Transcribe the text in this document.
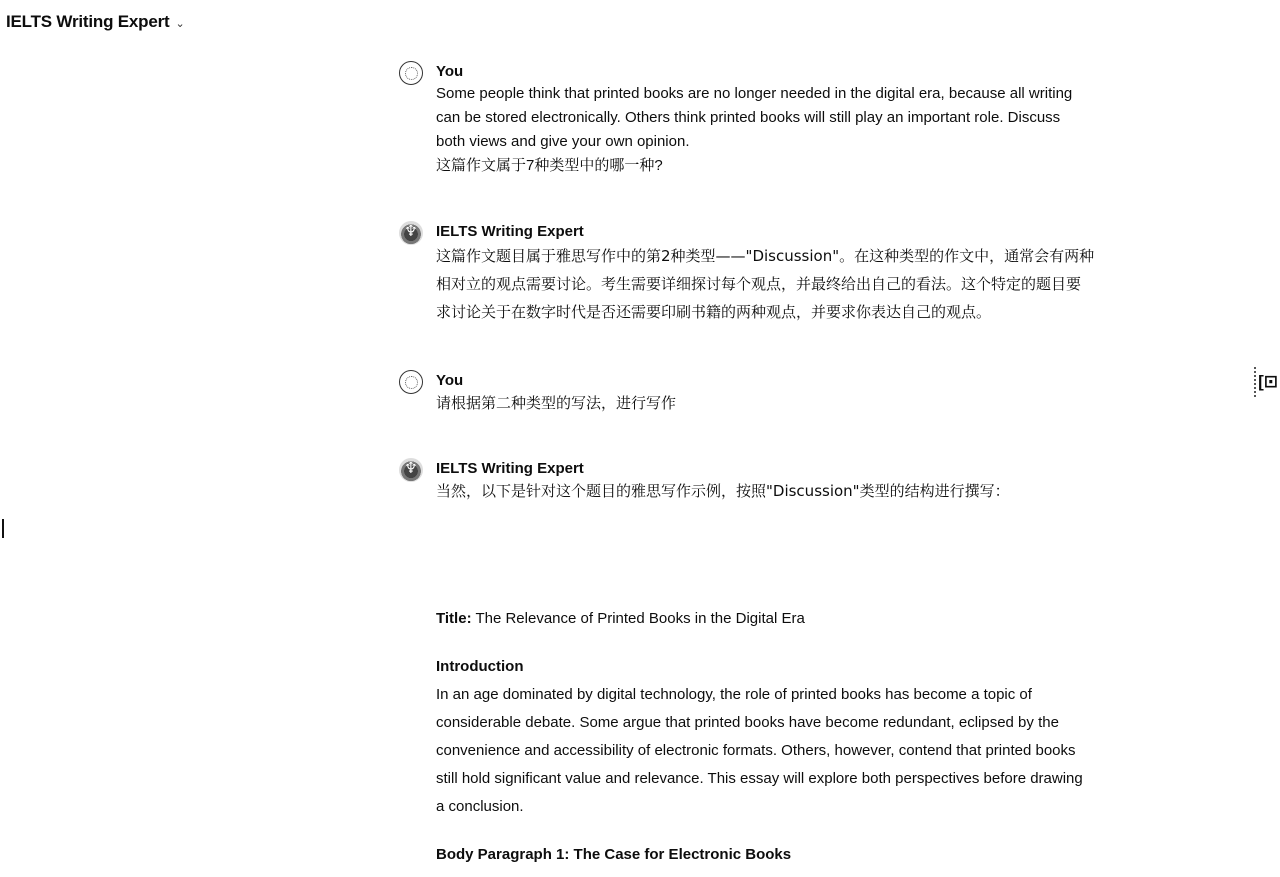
IELTS Writing Expert ⌄
You
Some people think that printed books are no longer needed in the digital era, because all writing
can be stored electronically. Others think printed books will still play an important role. Discuss
both views and give your own opinion.
这篇作文属于7种类型中的哪一种?
♆
IELTS Writing Expert
这篇作文题目属于雅思写作中的第2种类型——"Discussion"。在这种类型的作文中，通常会有两种
相对立的观点需要讨论。考生需要详细探讨每个观点，并最终给出自己的看法。这个特定的题目要
求讨论关于在数字时代是否还需要印刷书籍的两种观点，并要求你表达自己的观点。
You
请根据第二种类型的写法，进行写作
♆
IELTS Writing Expert
当然，以下是针对这个题目的雅思写作示例，按照"Discussion"类型的结构进行撰写：
Title: The Relevance of Printed Books in the Digital Era
Introduction
In an age dominated by digital technology, the role of printed books has become a topic of
considerable debate. Some argue that printed books have become redundant, eclipsed by the
convenience and accessibility of electronic formats. Others, however, contend that printed books
still hold significant value and relevance. This essay will explore both perspectives before drawing
a conclusion.
Body Paragraph 1: The Case for Electronic Books
[⊡
